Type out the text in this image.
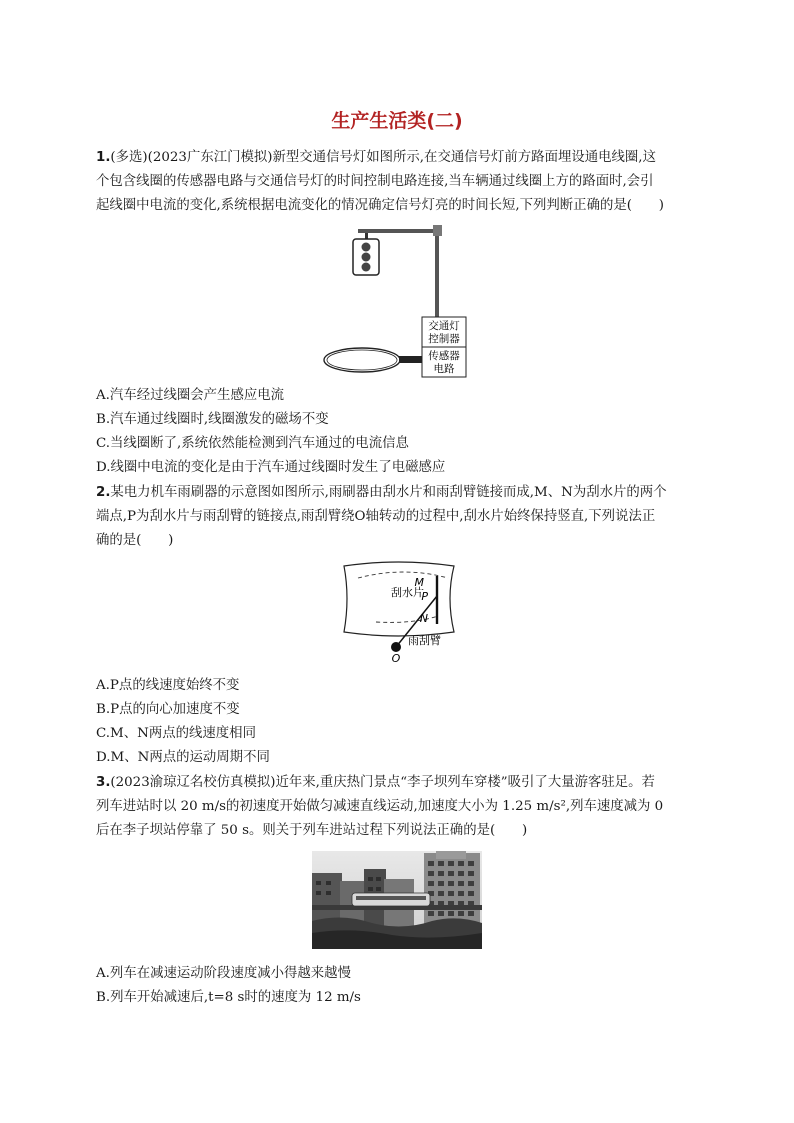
生产生活类(二)
1.(多选)(2023广东江门模拟)新型交通信号灯如图所示,在交通信号灯前方路面埋设通电线圈,这
个包含线圈的传感器电路与交通信号灯的时间控制电路连接,当车辆通过线圈上方的路面时,会引
起线圈中电流的变化,系统根据电流变化的情况确定信号灯亮的时间长短,下列判断正确的是(　　)
交通灯
控制器
传感器
电路
A.汽车经过线圈会产生感应电流
B.汽车通过线圈时,线圈激发的磁场不变
C.当线圈断了,系统依然能检测到汽车通过的电流信息
D.线圈中电流的变化是由于汽车通过线圈时发生了电磁感应
2.某电力机车雨刷器的示意图如图所示,雨刷器由刮水片和雨刮臂链接而成,M、N为刮水片的两个
端点,P为刮水片与雨刮臂的链接点,雨刮臂绕O轴转动的过程中,刮水片始终保持竖直,下列说法正
确的是(　　)
M
P
N
刮水片
雨刮臂
O
A.P点的线速度始终不变
B.P点的向心加速度不变
C.M、N两点的线速度相同
D.M、N两点的运动周期不同
3.(2023渝琼辽名校仿真模拟)近年来,重庆热门景点“李子坝列车穿楼”吸引了大量游客驻足。若
列车进站时以 20 m/s的初速度开始做匀减速直线运动,加速度大小为 1.25 m/s²,列车速度减为 0
后在李子坝站停靠了 50 s。则关于列车进站过程下列说法正确的是(　　)
A.列车在减速运动阶段速度减小得越来越慢
B.列车开始减速后,t=8 s时的速度为 12 m/s
